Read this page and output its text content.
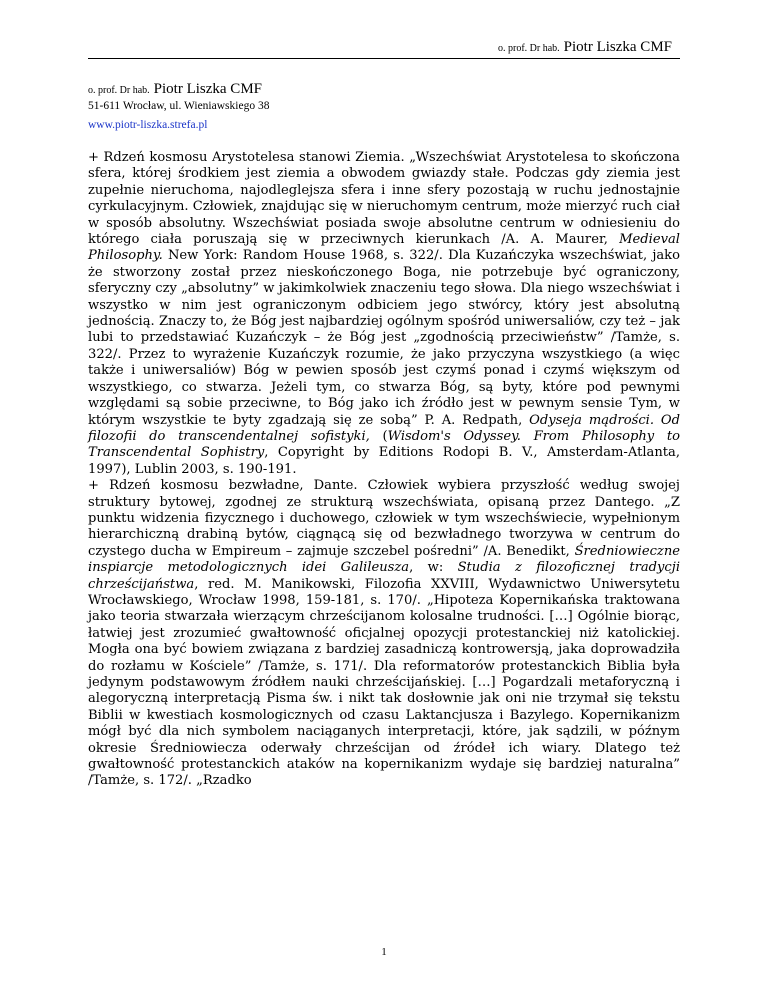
o. prof. Dr hab. Piotr Liszka CMF
o. prof. Dr hab. Piotr Liszka CMF
51-611 Wrocław, ul. Wieniawskiego 38
www.piotr-liszka.strefa.pl

+ Rdzeń kosmosu Arystotelesa stanowi Ziemia. „Wszechświat Arystotelesa to skończona sfera, której środkiem jest ziemia a obwodem gwiazdy stałe. Podczas gdy ziemia jest zupełnie nieruchoma, najodleglejsza sfera i inne sfery pozostają w ruchu jednostajnie cyrkulacyjnym. Człowiek, znajdując się w nieruchomym centrum, może mierzyć ruch ciał w sposób absolutny. Wszechświat posiada swoje absolutne centrum w odniesieniu do którego ciała poruszają się w przeciwnych kierunkach /A. A. Maurer, Medieval Philosophy. New York: Random House 1968, s. 322/. Dla Kuzańczyka wszechświat, jako że stworzony został przez nieskończonego Boga, nie potrzebuje być ograniczony, sferyczny czy „absolutny” w jakimkolwiek znaczeniu tego słowa. Dla niego wszechświat i wszystko w nim jest ograniczonym odbiciem jego stwórcy, który jest absolutną jednością. Znaczy to, że Bóg jest najbardziej ogólnym spośród uniwersaliów, czy też – jak lubi to przedstawiać Kuzańczyk – że Bóg jest „zgodnością przeciwieństw” /Tamże, s. 322/. Przez to wyrażenie Kuzańczyk rozumie, że jako przyczyna wszystkiego (a więc także i uniwersaliów) Bóg w pewien sposób jest czymś ponad i czymś większym od wszystkiego, co stwarza. Jeżeli tym, co stwarza Bóg, są byty, które pod pewnymi względami są sobie przeciwne, to Bóg jako ich źródło jest w pewnym sensie Tym, w którym wszystkie te byty zgadzają się ze sobą” P. A. Redpath, Odyseja mądrości. Od filozofii do transcendentalnej sofistyki, (Wisdom's Odyssey. From Philosophy to Transcendental Sophistry, Copyright by Editions Rodopi B. V., Amsterdam-Atlanta, 1997), Lublin 2003, s. 190-191.

+ Rdzeń kosmosu bezwładne, Dante. Człowiek wybiera przyszłość według swojej struktury bytowej, zgodnej ze strukturą wszechświata, opisaną przez Dantego. „Z punktu widzenia fizycznego i duchowego, człowiek w tym wszechświecie, wypełnionym hierarchiczną drabiną bytów, ciągnącą się od bezwładnego tworzywa w centrum do czystego ducha w Empireum – zajmuje szczebel pośredni” /A. Benedikt, Średniowieczne inspiarcje metodologicznych idei Galileusza, w: Studia z filozoficznej tradycji chrześcijaństwa, red. M. Manikowski, Filozofia XXVIII, Wydawnictwo Uniwersytetu Wrocławskiego, Wrocław 1998, 159-181, s. 170/. „Hipoteza Kopernikańska traktowana jako teoria stwarzała wierzącym chrześcijanom kolosalne trudności. […] Ogólnie biorąc, łatwiej jest zrozumieć gwałtowność oficjalnej opozycji protestanckiej niż katolickiej. Mogła ona być bowiem związana z bardziej zasadniczą kontrowersją, jaka doprowadziła do rozłamu w Kościele” /Tamże, s. 171/. Dla reformatorów protestanckich Biblia była jedynym podstawowym źródłem nauki chrześcijańskiej. […] Pogardzali metaforyczną i alegoryczną interpretacją Pisma św. i nikt tak dosłownie jak oni nie trzymał się tekstu Biblii w kwestiach kosmologicznych od czasu Laktancjusza i Bazylego. Kopernikanizm mógł być dla nich symbolem naciąganych interpretacji, które, jak sądzili, w późnym okresie Średniowiecza oderwały chrześcijan od źródeł ich wiary. Dlatego też gwałtowność protestanckich ataków na kopernikanizm wydaje się bardziej naturalna” /Tamże, s. 172/. „Rzadko

1
